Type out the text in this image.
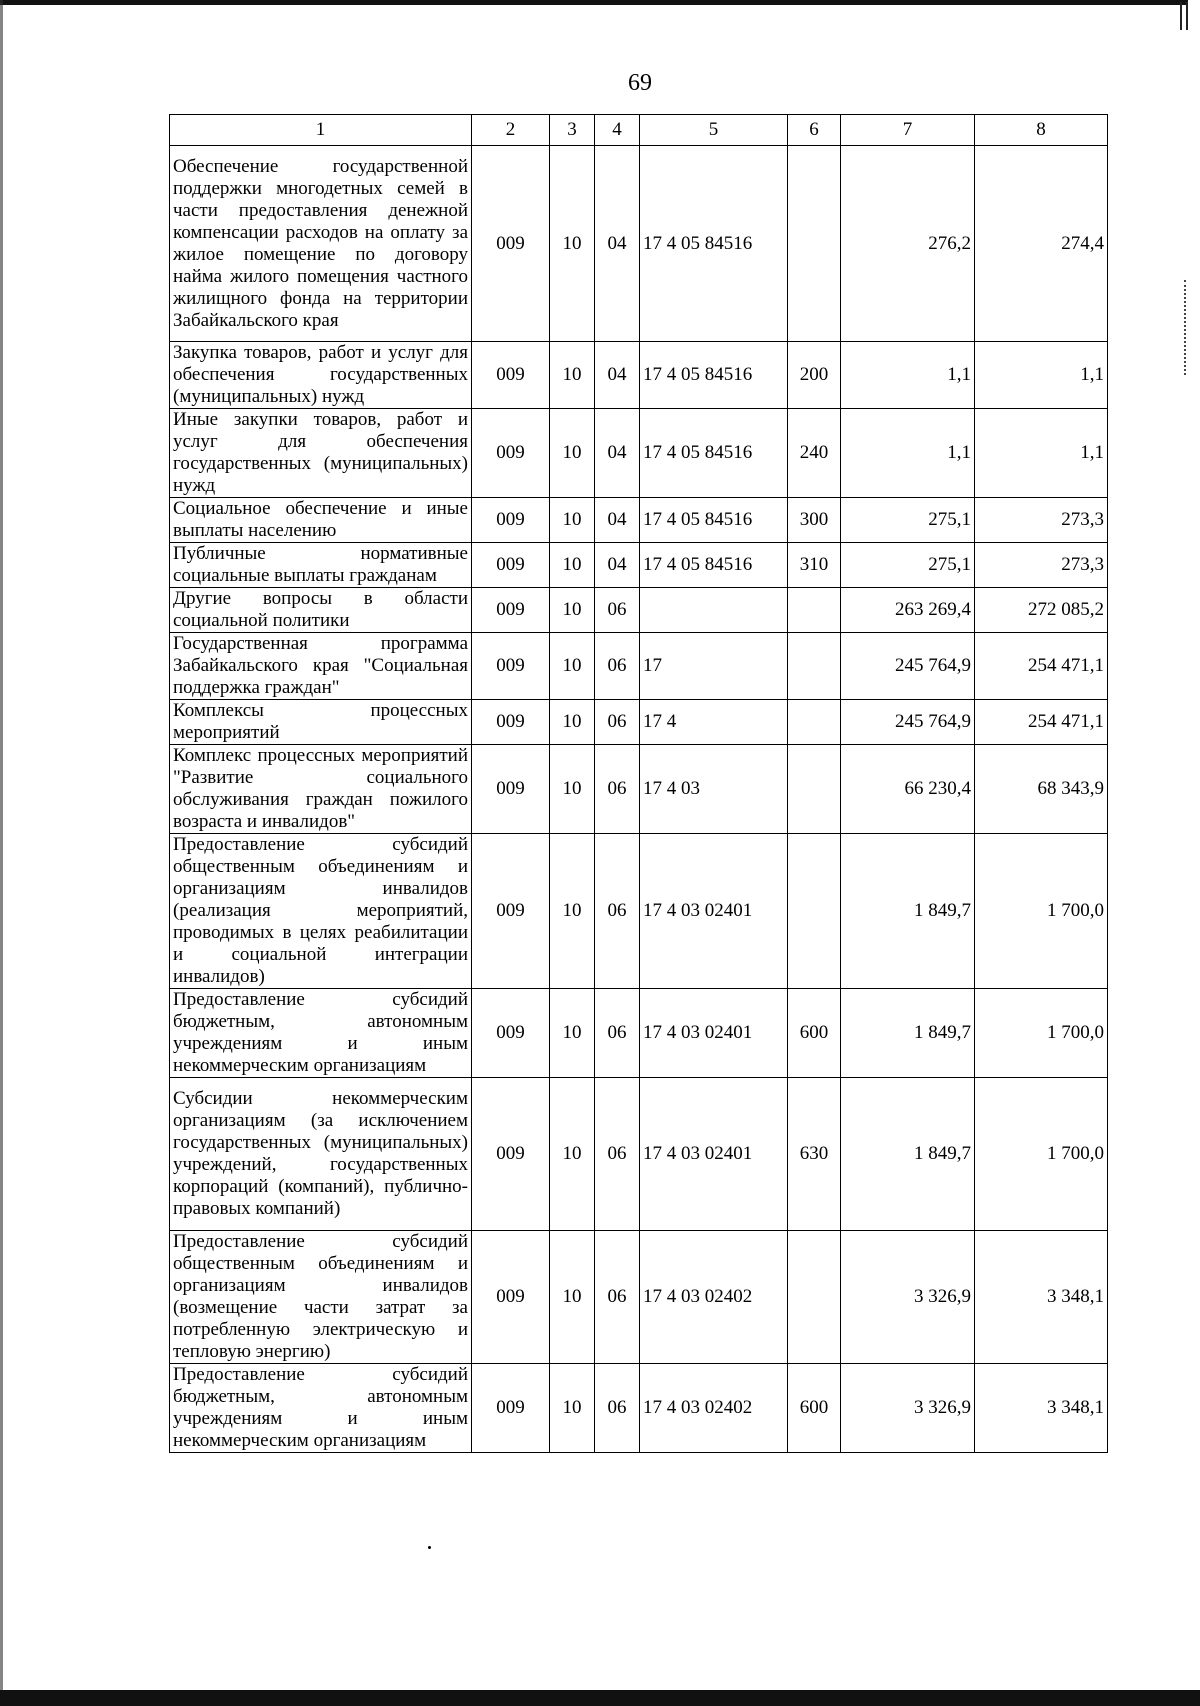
69
1	2	3	4	5	6	7	8
Обеспечение государственной поддержки многодетных семей в части предоставления денежной компенсации расходов на оплату за жилое помещение по договору найма жилого помещения частного жилищного фонда на территории Забайкальского края	009	10	04	17 4 05 84516		276,2	274,4
Закупка товаров, работ и услуг для обеспечения государственных (муниципальных) нужд	009	10	04	17 4 05 84516	200	1,1	1,1
Иные закупки товаров, работ и услуг для обеспечения государственных (муниципальных) нужд	009	10	04	17 4 05 84516	240	1,1	1,1
Социальное обеспечение и иные выплаты населению	009	10	04	17 4 05 84516	300	275,1	273,3
Публичные нормативные социальные выплаты гражданам	009	10	04	17 4 05 84516	310	275,1	273,3
Другие вопросы в области социальной политики	009	10	06			263 269,4	272 085,2
Государственная программа Забайкальского края "Социальная поддержка граждан"	009	10	06	17		245 764,9	254 471,1
Комплексы процессных мероприятий	009	10	06	17 4		245 764,9	254 471,1
Комплекс процессных мероприятий "Развитие социального обслуживания граждан пожилого возраста и инвалидов"	009	10	06	17 4 03		66 230,4	68 343,9
Предоставление субсидий общественным объединениям и организациям инвалидов (реализация мероприятий, проводимых в целях реабилитации и социальной интеграции инвалидов)	009	10	06	17 4 03 02401		1 849,7	1 700,0
Предоставление субсидий бюджетным, автономным учреждениям и иным некоммерческим организациям	009	10	06	17 4 03 02401	600	1 849,7	1 700,0
Субсидии некоммерческим организациям (за исключением государственных (муниципальных) учреждений, государственных корпораций (компаний), публично-правовых компаний)	009	10	06	17 4 03 02401	630	1 849,7	1 700,0
Предоставление субсидий общественным объединениям и организациям инвалидов (возмещение части затрат за потребленную электрическую и тепловую энергию)	009	10	06	17 4 03 02402		3 326,9	3 348,1
Предоставление субсидий бюджетным, автономным учреждениям и иным некоммерческим организациям	009	10	06	17 4 03 02402	600	3 326,9	3 348,1
